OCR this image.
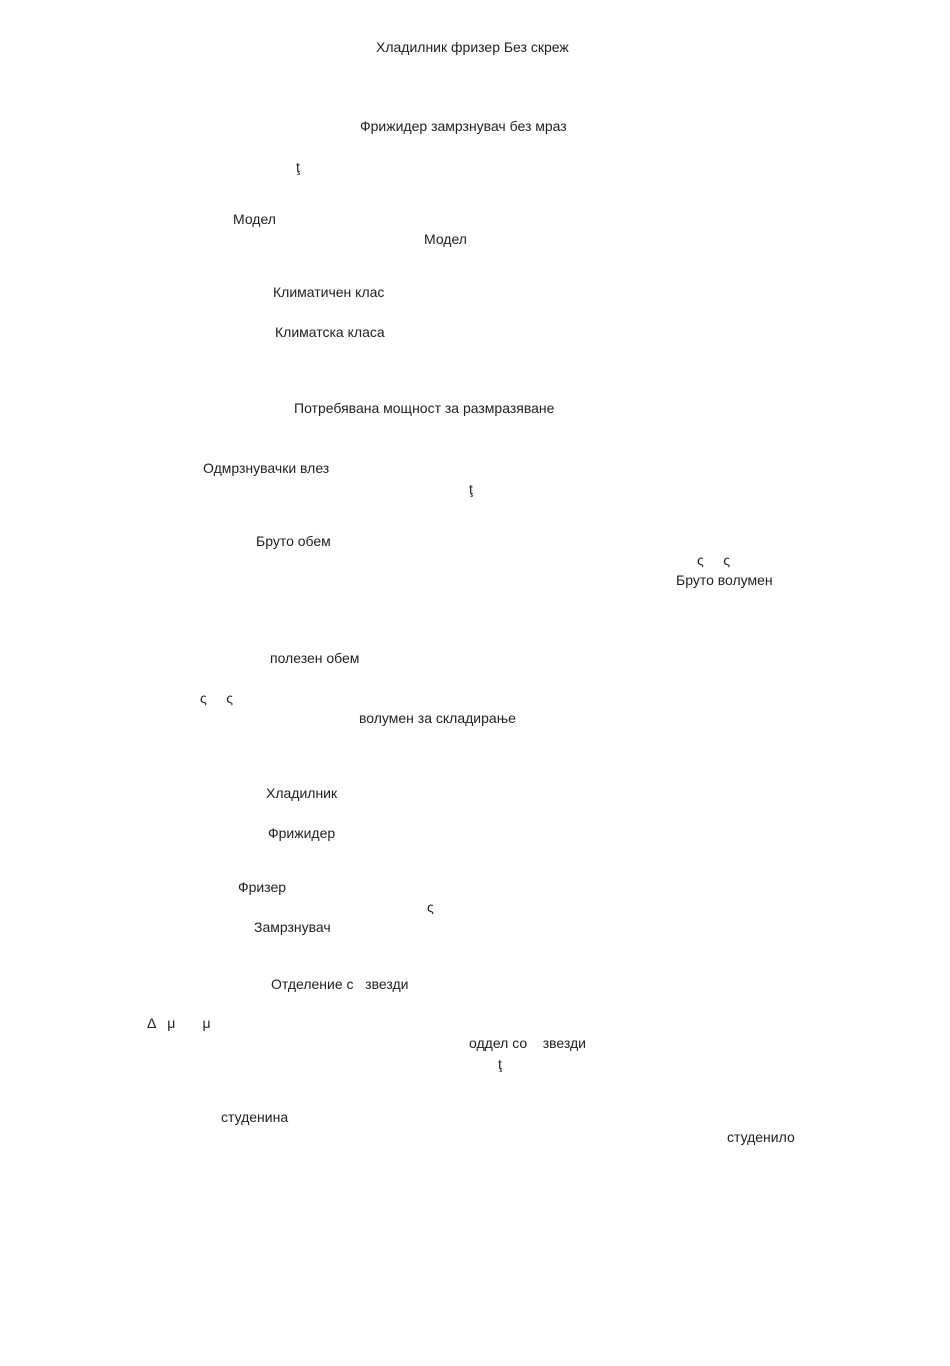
Хладилник фризер Без скреж
Фрижидер замрзнувач без мраз
ţ
Модел
Модел
Климатичен клас
Климатска класа
Потребявана мощност за размразяване
Одмрзнувачки влез
ţ
Бруто обем
ς     ς
Бруто волумен
полезен обем
ς     ς
волумен за складирање
Хладилник
Фрижидер
Фризер
ς
Замрзнувач
Отделение с   звезди
Δ   μ       μ
оддел со    звезди
ţ
студенина
студенило
